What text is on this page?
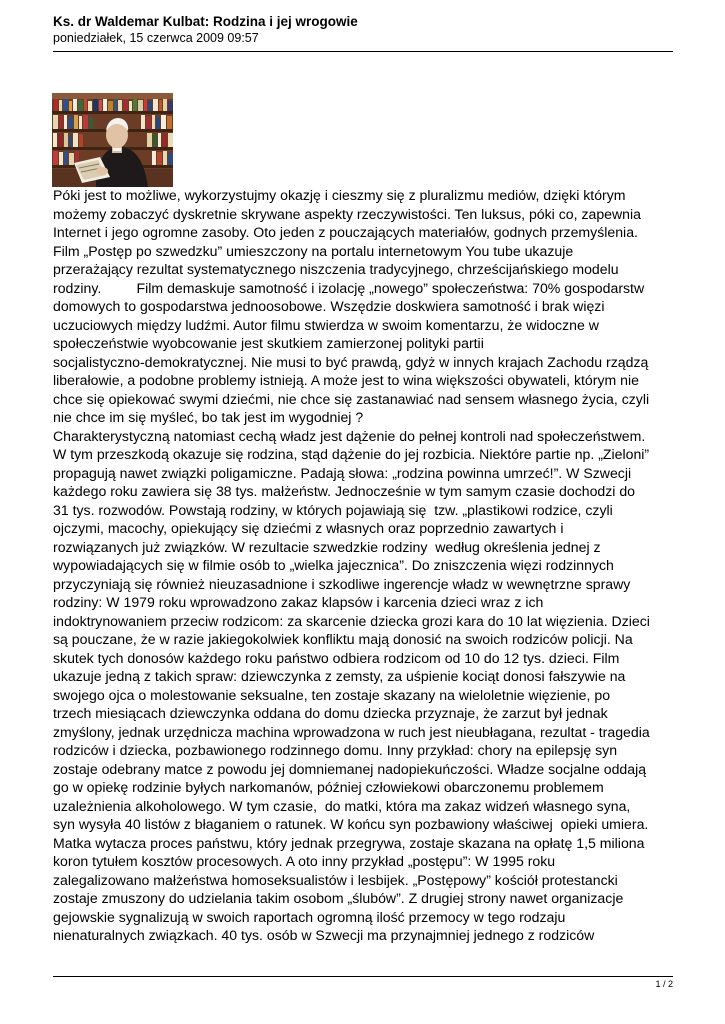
Ks. dr Waldemar Kulbat: Rodzina i jej wrogowie

poniedziałek, 15 czerwca 2009 09:57

Póki jest to możliwe, wykorzystujmy okazję i cieszmy się z pluralizmu mediów, dzięki którym
możemy zobaczyć dyskretnie skrywane aspekty rzeczywistości. Ten luksus, póki co, zapewnia
Internet i jego ogromne zasoby. Oto jeden z pouczających materiałów, godnych przemyślenia.
Film „Postęp po szwedzku” umieszczony na portalu internetowym You tube ukazuje
przerażający rezultat systematycznego niszczenia tradycyjnego, chrześcijańskiego modelu
rodziny.         Film demaskuje samotność i izolację „nowego” społeczeństwa: 70% gospodarstw
domowych to gospodarstwa jednoosobowe. Wszędzie doskwiera samotność i brak więzi
uczuciowych między ludźmi. Autor filmu stwierdza w swoim komentarzu, że widoczne w
społeczeństwie wyobcowanie jest skutkiem zamierzonej polityki partii
socjalistyczno-demokratycznej. Nie musi to być prawdą, gdyż w innych krajach Zachodu rządzą
liberałowie, a podobne problemy istnieją. A może jest to wina większości obywateli, którym nie
chce się opiekować swymi dziećmi, nie chce się zastanawiać nad sensem własnego życia, czyli
nie chce im się myśleć, bo tak jest im wygodniej ?
Charakterystyczną natomiast cechą władz jest dążenie do pełnej kontroli nad społeczeństwem.
W tym przeszkodą okazuje się rodzina, stąd dążenie do jej rozbicia. Niektóre partie np. „Zieloni”
propagują nawet związki poligamiczne. Padają słowa: „rodzina powinna umrzeć!”. W Szwecji
każdego roku zawiera się 38 tys. małżeństw. Jednocześnie w tym samym czasie dochodzi do
31 tys. rozwodów. Powstają rodziny, w których pojawiają się  tzw. „plastikowi rodzice, czyli
ojczymi, macochy, opiekujący się dziećmi z własnych oraz poprzednio zawartych i
rozwiązanych już związków. W rezultacie szwedzkie rodziny  według określenia jednej z
wypowiadających się w filmie osób to „wielka jajecznica”. Do zniszczenia więzi rodzinnych
przyczyniają się również nieuzasadnione i szkodliwe ingerencje władz w wewnętrzne sprawy
rodziny: W 1979 roku wprowadzono zakaz klapsów i karcenia dzieci wraz z ich
indoktrynowaniem przeciw rodzicom: za skarcenie dziecka grozi kara do 10 lat więzienia. Dzieci
są pouczane, że w razie jakiegokolwiek konfliktu mają donosić na swoich rodziców policji. Na
skutek tych donosów każdego roku państwo odbiera rodzicom od 10 do 12 tys. dzieci. Film
ukazuje jedną z takich spraw: dziewczynka z zemsty, za uśpienie kociąt donosi fałszywie na
swojego ojca o molestowanie seksualne, ten zostaje skazany na wieloletnie więzienie, po
trzech miesiącach dziewczynka oddana do domu dziecka przyznaje, że zarzut był jednak
zmyślony, jednak urzędnicza machina wprowadzona w ruch jest nieubłagana, rezultat - tragedia
rodziców i dziecka, pozbawionego rodzinnego domu. Inny przykład: chory na epilepsję syn
zostaje odebrany matce z powodu jej domniemanej nadopiekuńczości. Władze socjalne oddają
go w opiekę rodzinie byłych narkomanów, później człowiekowi obarczonemu problemem
uzależnienia alkoholowego. W tym czasie,  do matki, która ma zakaz widzeń własnego syna,
syn wysyła 40 listów z błaganiem o ratunek. W końcu syn pozbawiony właściwej  opieki umiera.
Matka wytacza proces państwu, który jednak przegrywa, zostaje skazana na opłatę 1,5 miliona
koron tytułem kosztów procesowych. A oto inny przykład „postępu”: W 1995 roku
zalegalizowano małżeństwa homoseksualistów i lesbijek. „Postępowy” kościół protestancki
zostaje zmuszony do udzielania takim osobom „ślubów”. Z drugiej strony nawet organizacje
gejowskie sygnalizują w swoich raportach ogromną ilość przemocy w tego rodzaju
nienaturalnych związkach. 40 tys. osób w Szwecji ma przynajmniej jednego z rodziców
1 / 2
